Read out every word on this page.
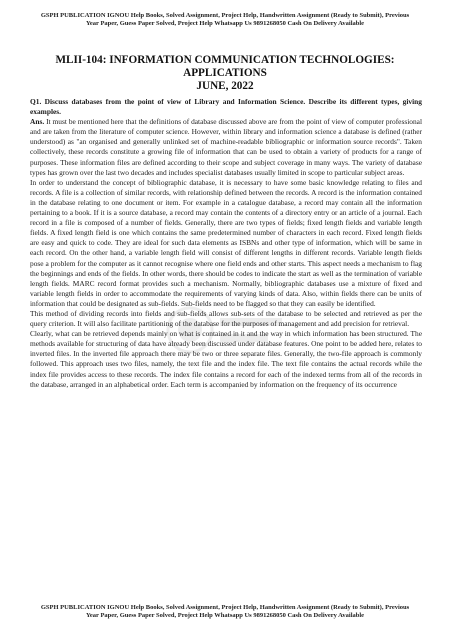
GSPH PUBLICATION IGNOU Help Books, Solved Assignment, Project Help, Handwritten Assignment (Ready to Submit), Previous Year Paper, Guess Paper Solved, Project Help Whatsapp Us 9891268050 Cash On Delivery Available
MLII-104: INFORMATION COMMUNICATION TECHNOLOGIES:
APPLICATIONS
JUNE, 2022

Q1. Discuss databases from the point of view of Library and Information Science. Describe its different types, giving examples.

Ans. It must be mentioned here that the definitions of database discussed above are from the point of view of computer professional and are taken from the literature of computer science. However, within library and information science a database is defined (rather understood) as "an organised and generally unlinked set of machine-readable bibliographic or information source records". Taken collectively, these records constitute a growing file of information that can be used to obtain a variety of products for a range of purposes. These information files are defined according to their scope and subject coverage in many ways. The variety of database types has grown over the last two decades and includes specialist databases usually limited in scope to particular subject areas.

In order to understand the concept of bibliographic database, it is necessary to have some basic knowledge relating to files and records. A file is a collection of similar records, with relationship defined between the records. A record is the information contained in the database relating to one document or item. For example in a catalogue database, a record may contain all the information pertaining to a book. If it is a source database, a record may contain the contents of a directory entry or an article of a journal. Each record in a file is composed of a number of fields. Generally, there are two types of fields; fixed length fields and variable length fields. A fixed length field is one which contains the same predetermined number of characters in each record. Fixed length fields are easy and quick to code. They are ideal for such data elements as ISBNs and other type of information, which will be same in each record. On the other hand, a variable length field will consist of different lengths in different records. Variable length fields pose a problem for the computer as it cannot recognise where one field ends and other starts. This aspect needs a mechanism to flag the beginnings and ends of the fields. In other words, there should be codes to indicate the start as well as the termination of variable length fields. MARC record format provides such a mechanism. Normally, bibliographic databases use a mixture of fixed and variable length fields in order to accommodate the requirements of varying kinds of data. Also, within fields there can be units of information that could be designated as sub-fields. Sub-fields need to be flagged so that they can easily be identified.

This method of dividing records into fields and sub-fields allows sub-sets of the database to be selected and retrieved as per the query criterion. It will also facilitate partitioning of the database for the purposes of management and add precision for retrieval.

Clearly, what can be retrieved depends mainly on what is contained in it and the way in which information has been structured. The methods available for structuring of data have already been discussed under database features. One point to be added here, relates to inverted files. In the inverted file approach there may be two or three separate files. Generally, the two-file approach is commonly followed. This approach uses two files, namely, the text file and the index file. The text file contains the actual records while the index file provides access to these records. The index file contains a record for each of the indexed terms from all of the records in the database, arranged in an alphabetical order. Each term is accompanied by information on the frequency of its occurrence

GSPH PUBLICATION IGNOU Help Books, Solved Assignment, Project Help, Handwritten Assignment (Ready to Submit), Previous Year Paper, Guess Paper Solved, Project Help Whatsapp Us 9891268050 Cash On Delivery Available
